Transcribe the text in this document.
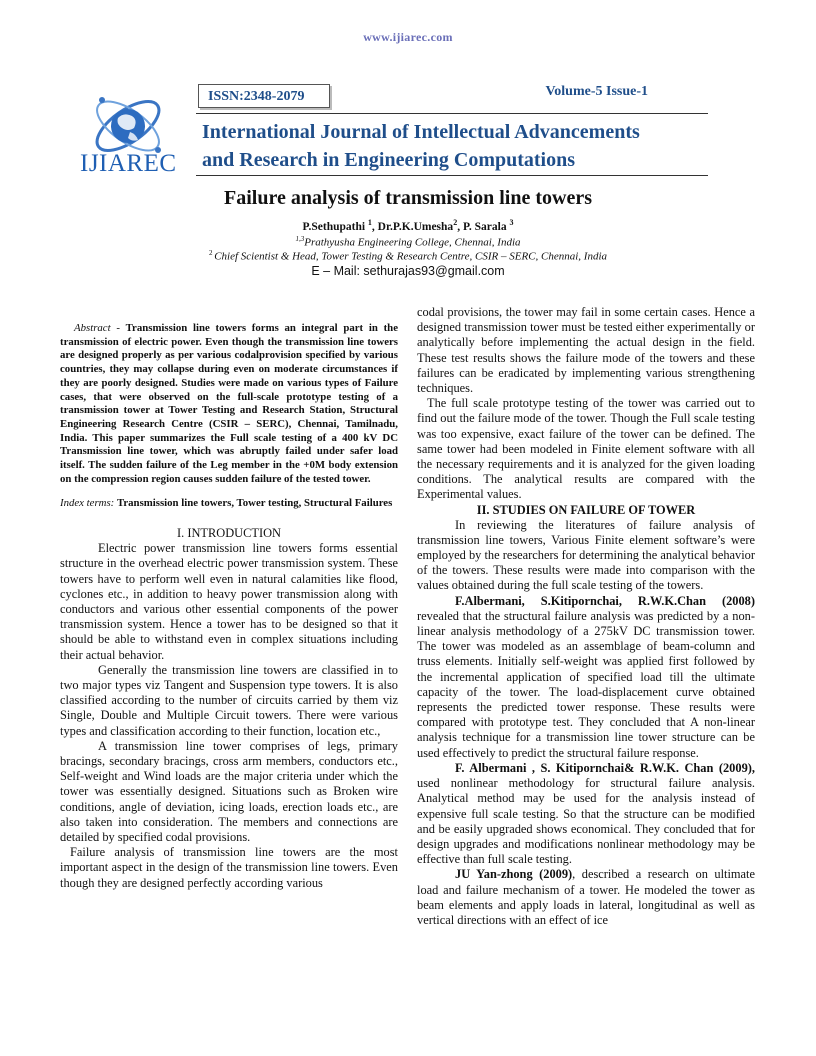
www.ijiarec.com
IJIAREC
ISSN:2348-2079	Volume-5 Issue-1
International Journal of Intellectual Advancements
and Research in Engineering Computations
Failure analysis of transmission line towers
P.Sethupathi $^1$, Dr.P.K.Umesha$^2$, P. Sarala $^3$
$^{1,3}$Prathyusha Engineering College, Chennai, India
$^2$ Chief Scientist & Head, Tower Testing & Research Centre, CSIR – SERC, Chennai, India
E – Mail: sethurajas93@gmail.com

Abstract - Transmission line towers forms an integral part in the transmission of electric power. Even though the transmission line towers are designed properly as per various codalprovision specified by various countries, they may collapse during even on moderate circumstances if they are poorly designed. Studies were made on various types of Failure cases, that were observed on the full-scale prototype testing of a transmission tower at Tower Testing and Research Station, Structural Engineering Research Centre (CSIR – SERC), Chennai, Tamilnadu, India. This paper summarizes the Full scale testing of a 400 kV DC Transmission line tower, which was abruptly failed under safer load itself. The sudden failure of the Leg member in the +0M body extension on the compression region causes sudden failure of the tested tower.

Index terms: Transmission line towers, Tower testing, Structural Failures

I. INTRODUCTION

Electric power transmission line towers forms essential structure in the overhead electric power transmission system. These towers have to perform well even in natural calamities like flood, cyclones etc., in addition to heavy power transmission along with conductors and various other essential components of the power transmission system. Hence a tower has to be designed so that it should be able to withstand even in complex situations including their actual behavior.

Generally the transmission line towers are classified in to two major types viz Tangent and Suspension type towers. It is also classified according to the number of circuits carried by them viz Single, Double and Multiple Circuit towers. There were various types and classification according to their function, location etc.,

A transmission line tower comprises of legs, primary bracings, secondary bracings, cross arm members, conductors etc., Self-weight and Wind loads are the major criteria under which the tower was essentially designed. Situations such as Broken wire conditions, angle of deviation, icing loads, erection loads etc., are also taken into consideration. The members and connections are detailed by specified codal provisions.

Failure analysis of transmission line towers are the most important aspect in the design of the transmission line towers. Even though they are designed perfectly according various

codal provisions, the tower may fail in some certain cases. Hence a designed transmission tower must be tested either experimentally or analytically before implementing the actual design in the field. These test results shows the failure mode of the towers and these failures can be eradicated by implementing various strengthening techniques.

The full scale prototype testing of the tower was carried out to find out the failure mode of the tower. Though the Full scale testing was too expensive, exact failure of the tower can be defined. The same tower had been modeled in Finite element software with all the necessary requirements and it is analyzed for the given loading conditions. The analytical results are compared with the Experimental values.

II. STUDIES ON FAILURE OF TOWER

In reviewing the literatures of failure analysis of transmission line towers, Various Finite element software’s were employed by the researchers for determining the analytical behavior of the towers. These results were made into comparison with the values obtained during the full scale testing of the towers.

F.Albermani, S.Kitipornchai, R.W.K.Chan (2008) revealed that the structural failure analysis was predicted by a non-linear analysis methodology of a 275kV DC transmission tower. The tower was modeled as an assemblage of beam-column and truss elements. Initially self-weight was applied first followed by the incremental application of specified load till the ultimate capacity of the tower. The load-displacement curve obtained represents the predicted tower response. These results were compared with prototype test. They concluded that A non-linear analysis technique for a transmission line tower structure can be used effectively to predict the structural failure response.

F. Albermani , S. Kitipornchai& R.W.K. Chan (2009), used nonlinear methodology for structural failure analysis. Analytical method may be used for the analysis instead of expensive full scale testing. So that the structure can be modified and be easily upgraded shows economical. They concluded that for design upgrades and modifications nonlinear methodology may be effective than full scale testing.

JU Yan-zhong (2009), described a research on ultimate load and failure mechanism of a tower. He modeled the tower as beam elements and apply loads in lateral, longitudinal as well as vertical directions with an effect of ice
